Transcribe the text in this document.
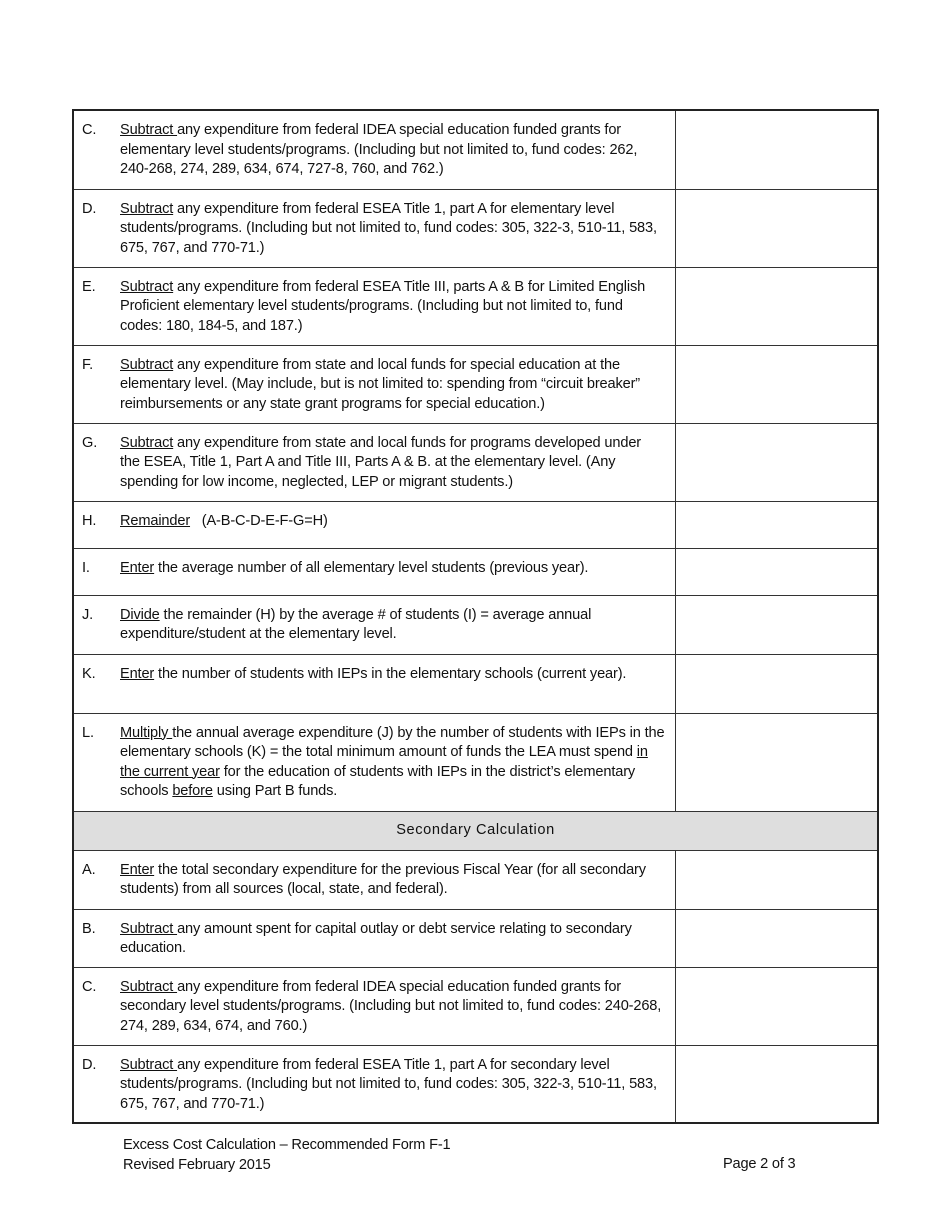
C. Subtract any expenditure from federal IDEA special education funded grants for elementary level students/programs. (Including but not limited to, fund codes: 262, 240-268, 274, 289, 634, 674, 727-8, 760, and 762.)	

D. Subtract any expenditure from federal ESEA Title 1, part A for elementary level students/programs. (Including but not limited to, fund codes: 305, 322-3, 510-11, 583, 675, 767, and 770-71.)	

E. Subtract any expenditure from federal ESEA Title III, parts A & B for Limited English Proficient elementary level students/programs. (Including but not limited to, fund codes: 180, 184-5, and 187.)	

F. Subtract any expenditure from state and local funds for special education at the elementary level. (May include, but is not limited to: spending from “circuit breaker” reimbursements or any state grant programs for special education.)	

G. Subtract any expenditure from state and local funds for programs developed under the ESEA, Title 1, Part A and Title III, Parts A & B. at the elementary level. (Any spending for low income, neglected, LEP or migrant students.)	

H. Remainder   (A-B-C-D-E-F-G=H)	

I. Enter the average number of all elementary level students (previous year).	

J. Divide the remainder (H) by the average # of students (I) = average annual expenditure/student at the elementary level.	

K. Enter the number of students with IEPs in the elementary schools (current year).	

L. Multiply the annual average expenditure (J) by the number of students with IEPs in the elementary schools (K) = the total minimum amount of funds the LEA must spend in the current year for the education of students with IEPs in the district’s elementary schools before using Part B funds.	

Secondary Calculation	

A. Enter the total secondary expenditure for the previous Fiscal Year (for all secondary students) from all sources (local, state, and federal).	

B. Subtract any amount spent for capital outlay or debt service relating to secondary education.	

C. Subtract any expenditure from federal IDEA special education funded grants for secondary level students/programs. (Including but not limited to, fund codes: 240-268, 274, 289, 634, 674, and 760.)	

D. Subtract any expenditure from federal ESEA Title 1, part A for secondary level students/programs. (Including but not limited to, fund codes: 305, 322-3, 510-11, 583, 675, 767, and 770-71.)	

Excess Cost Calculation – Recommended Form F-1
Revised February 2015	Page 2 of 3
